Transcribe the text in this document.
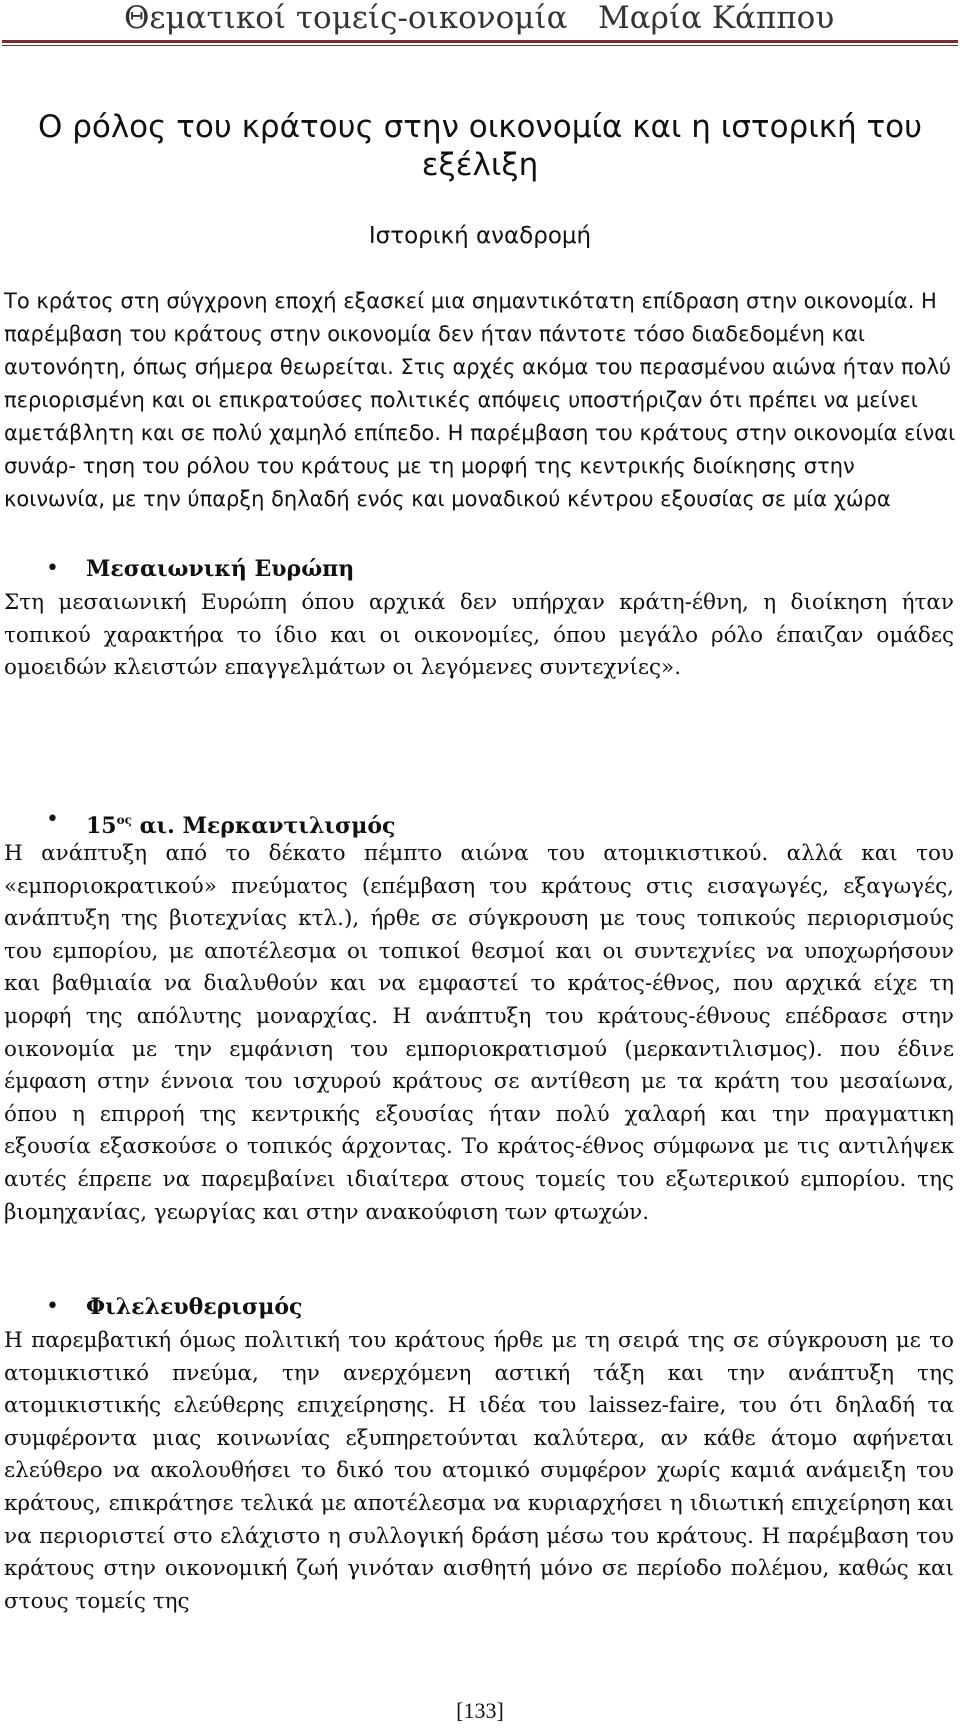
Θεματικοί τομείς-οικονομία Μαρία Κάππου
Ο ρόλος του κράτους στην οικονομία και η ιστορική του εξέλιξη
Ιστορική αναδρομή

Το κράτος στη σύγχρονη εποχή εξασκεί μια σημαντικότατη επίδραση στην οικονομία. Η παρέμβαση του κράτους στην οικονομία δεν ήταν πάντοτε τόσο διαδεδομένη και αυτονόητη, όπως σήμερα θεωρείται. Στις αρχές ακόμα του περασμένου αιώνα ήταν πολύ περιορισμένη και οι επικρατούσες πολιτικές απόψεις υποστήριζαν ότι πρέπει να μείνει αμετάβλητη και σε πολύ χαμηλό επίπεδο. Η παρέμβαση του κράτους στην οικονομία είναι συνάρ- τηση του ρόλου του κράτους με τη μορφή της κεντρικής διοίκησης στην κοινωνία, με την ύπαρξη δηλαδή ενός και μοναδικού κέντρου εξουσίας σε μία χώρα

• Μεσαιωνική Ευρώπη

Στη μεσαιωνική Ευρώπη όπου αρχικά δεν υπήρχαν κράτη-έθνη, η διοίκηση ήταν τοπικού χαρακτήρα το ίδιο και οι οικονομίες, όπου μεγάλο ρόλο έπαιζαν ομάδες ομοειδών κλειστών επαγγελμάτων οι λεγόμενες συντεχνίες».

• $15^{o\varsigma}$ αι. Μερκαντιλισμός

Η ανάπτυξη από το δέκατο πέμπτο αιώνα του ατομικιστικού. αλλά και του «εμποριοκρατικού» πνεύματος (επέμβαση του κράτους στις εισαγωγές, εξαγωγές, ανάπτυξη της βιοτεχνίας κτλ.), ήρθε σε σύγκρουση με τους τοπικούς περιορισμούς του εμπορίου, με αποτέλεσμα οι τοπικοί θεσμοί και οι συντεχνίες να υποχωρήσουν και βαθμιαία να διαλυθούν και να εμφαστεί το κράτος-έθνος, που αρχικά είχε τη μορφή της απόλυτης μοναρχίας. Η ανάπτυξη του κράτους-έθνους επέδρασε στην οικονομία με την εμφάνιση του εμποριοκρατισμού (μερκαντιλισμος). που έδινε έμφαση στην έννοια του ισχυρού κράτους σε αντίθεση με τα κράτη του μεσαίωνα, όπου η επιρροή της κεντρικής εξουσίας ήταν πολύ χαλαρή και την πραγματικη εξουσία εξασκούσε ο τοπικός άρχοντας. Το κράτος-έθνος σύμφωνα με τις αντιλήψεκ αυτές έπρεπε να παρεμβαίνει ιδιαίτερα στους τομείς του εξωτερικού εμπορίου. της βιομηχανίας, γεωργίας και στην ανακούφιση των φτωχών.

• Φιλελευθερισμός

Η παρεμβατική όμως πολιτική του κράτους ήρθε με τη σειρά της σε σύγκρουση με το ατομικιστικό πνεύμα, την ανερχόμενη αστική τάξη και την ανάπτυξη της ατομικιστικής ελεύθερης επιχείρησης. Η ιδέα του laissez-faire, του ότι δηλαδή τα συμφέροντα μιας κοινωνίας εξυπηρετούνται καλύτερα, αν κάθε άτομο αφήνεται ελεύθερο να ακολουθήσει το δικό του ατομικό συμφέρον χωρίς καμιά ανάμειξη του κράτους, επικράτησε τελικά με αποτέλεσμα να κυριαρχήσει η ιδιωτική επιχείρηση και να περιοριστεί στο ελάχιστο η συλλογική δράση μέσω του κράτους. Η παρέμβαση του κράτους στην οικονομική ζωή γινόταν αισθητή μόνο σε περίοδο πολέμου, καθώς και στους τομείς της

[133]
